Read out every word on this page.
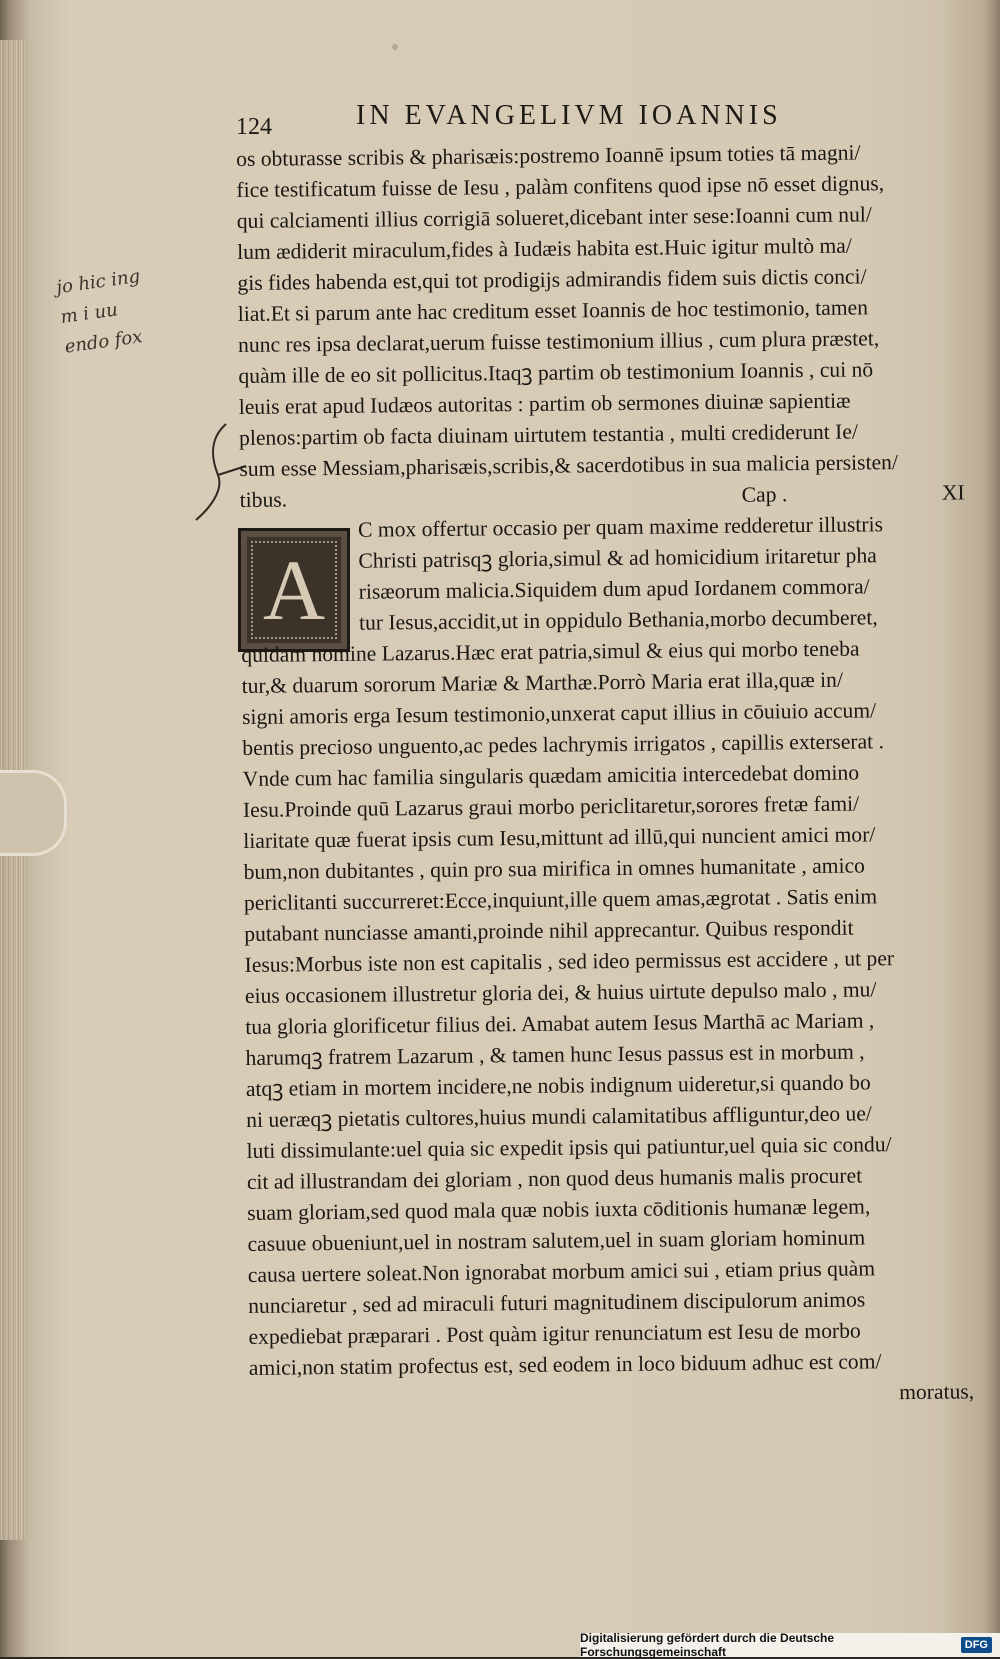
124	IN EVANGELIVM IOANNIS
jo hic ing
m i uu
endo fox
A
os obturasse scribis & pharisæis:postremo Ioannē ipsum toties tā magni/
fice testificatum fuisse de Iesu , palàm confitens quod ipse nō esset dignus,
qui calciamenti illius corrigiā solueret,dicebant inter sese:Ioanni cum nul/
lum ædiderit miraculum,fides à Iudæis habita est.Huic igitur multò ma/
gis fides habenda est,qui tot prodigijs admirandis fidem suis dictis conci/
liat.Et si parum ante hac creditum esset Ioannis de hoc testimonio, tamen
nunc res ipsa declarat,uerum fuisse testimonium illius , cum plura præstet,
quàm ille de eo sit pollicitus.Itaqꝫ partim ob testimonium Ioannis , cui nō
leuis erat apud Iudæos autoritas : partim ob sermones diuinæ sapientiæ
plenos:partim ob facta diuinam uirtutem testantia , multi crediderunt Ie/
sum esse Messiam,pharisæis,scribis,& sacerdotibus in sua malicia persisten/
tibus.	Cap .	XI
C mox offertur occasio per quam maxime redderetur illustris
Christi patrisqꝫ gloria,simul & ad homicidium iritaretur pha
risæorum malicia.Siquidem dum apud Iordanem commora/
tur Iesus,accidit,ut in oppidulo Bethania,morbo decumberet,
quidam nomine Lazarus.Hæc erat patria,simul & eius qui morbo teneba
tur,& duarum sororum Mariæ & Marthæ.Porrò Maria erat illa,quæ in/
signi amoris erga Iesum testimonio,unxerat caput illius in cōuiuio accum/
bentis precioso unguento,ac pedes lachrymis irrigatos , capillis exterserat .
Vnde cum hac familia singularis quædam amicitia intercedebat domino
Iesu.Proinde quū Lazarus graui morbo periclitaretur,sorores fretæ fami/
liaritate quæ fuerat ipsis cum Iesu,mittunt ad illū,qui nuncient amici mor/
bum,non dubitantes , quin pro sua mirifica in omnes humanitate , amico
periclitanti succurreret:Ecce,inquiunt,ille quem amas,ægrotat . Satis enim
putabant nunciasse amanti,proinde nihil apprecantur. Quibus respondit
Iesus:Morbus iste non est capitalis , sed ideo permissus est accidere , ut per
eius occasionem illustretur gloria dei, & huius uirtute depulso malo , mu/
tua gloria glorificetur filius dei. Amabat autem Iesus Marthā ac Mariam ,
harumqꝫ fratrem Lazarum , & tamen hunc Iesus passus est in morbum ,
atqꝫ etiam in mortem incidere,ne nobis indignum uideretur,si quando bo
ni ueræqꝫ pietatis cultores,huius mundi calamitatibus affliguntur,deo ue/
luti dissimulante:uel quia sic expedit ipsis qui patiuntur,uel quia sic condu/
cit ad illustrandam dei gloriam , non quod deus humanis malis procuret
suam gloriam,sed quod mala quæ nobis iuxta cōditionis humanæ legem,
casuue obueniunt,uel in nostram salutem,uel in suam gloriam hominum
causa uertere soleat.Non ignorabat morbum amici sui , etiam prius quàm
nunciaretur , sed ad miraculi futuri magnitudinem discipulorum animos
expediebat præparari . Post quàm igitur renunciatum est Iesu de morbo
amici,non statim profectus est, sed eodem in loco biduum adhuc est com/
moratus,
Digitalisierung gefördert durch die Deutsche Forschungsgemeinschaft	DFG
